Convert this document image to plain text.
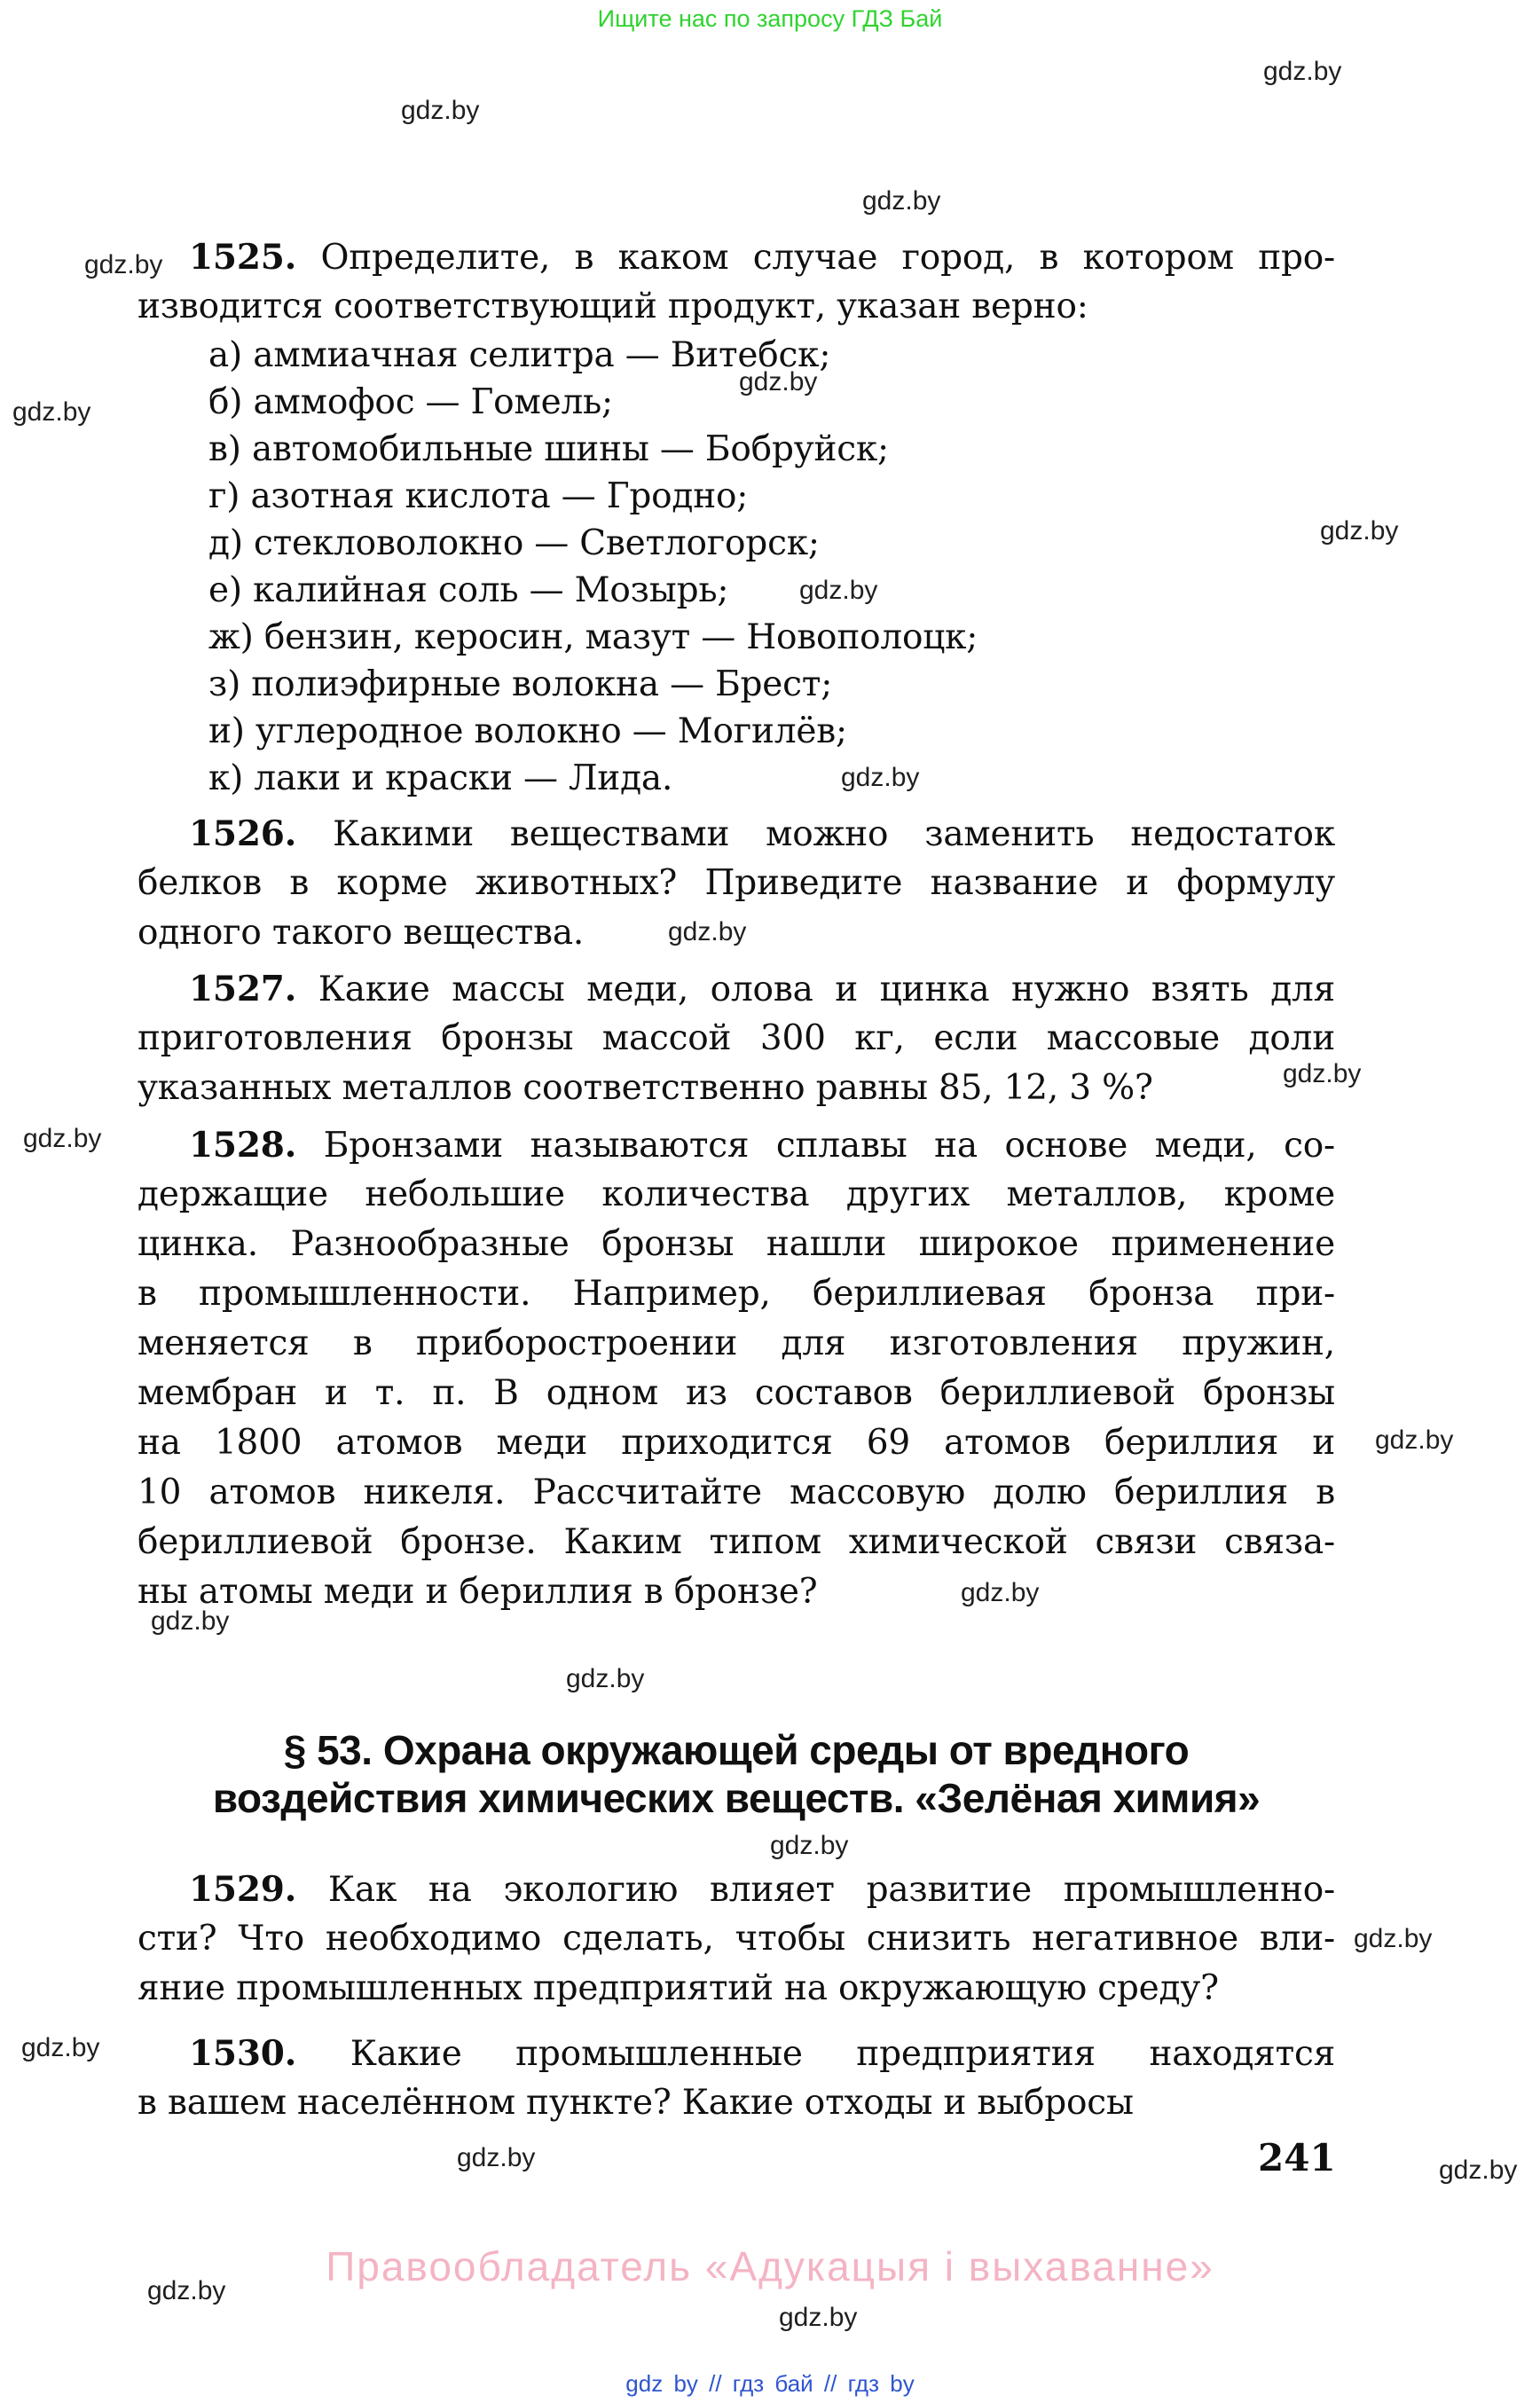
Ищите нас по запросу ГДЗ Бай
gdz.by
gdz.by
gdz.by
gdz.by
gdz.by
gdz.by
gdz.by
gdz.by
gdz.by
gdz.by
gdz.by
gdz.by
gdz.by
gdz.by
gdz.by
gdz.by
gdz.by
gdz.by
gdz.by
gdz.by	gdz.by
gdz.by
1525. Определите, в каком случае город, в котором про-
изводится соответствующий продукт, указан верно:
а) аммиачная селитра — Витебск;
б) аммофос — Гомель;
в) автомобильные шины — Бобруйск;
г) азотная кислота — Гродно;
д) стекловолокно — Светлогорск;
е) калийная соль — Мозырь;
ж) бензин, керосин, мазут — Новополоцк;
з) полиэфирные волокна — Брест;
и) углеродное волокно — Могилёв;
к) лаки и краски — Лида.
1526. Какими веществами можно заменить недостаток
белков в корме животных? Приведите название и формулу
одного такого вещества.
1527. Какие массы меди, олова и цинка нужно взять для
приготовления бронзы массой 300 кг, если массовые доли
указанных металлов соответственно равны 85, 12, 3 %?
1528. Бронзами называются сплавы на основе меди, со-
держащие небольшие количества других металлов, кроме
цинка. Разнообразные бронзы нашли широкое применение
в промышленности. Например, бериллиевая бронза при-
меняется в приборостроении для изготовления пружин,
мембран и т. п. В одном из составов бериллиевой бронзы
на 1800 атомов меди приходится 69 атомов бериллия и
10 атомов никеля. Рассчитайте массовую долю бериллия в
бериллиевой бронзе. Каким типом химической связи связа-
ны атомы меди и бериллия в бронзе?
§ 53. Охрана окружающей среды от вредного
воздействия химических веществ. «Зелёная химия»
1529. Как на экологию влияет развитие промышленно-
сти? Что необходимо сделать, чтобы снизить негативное вли-
яние промышленных предприятий на окружающую среду?
1530. Какие промышленные предприятия находятся
в вашем населённом пункте? Какие отходы и выбросы
241
Правообладатель «Адукацыя і выхаванне»
gdz.by
gdz by // гдз бай // гдз by
